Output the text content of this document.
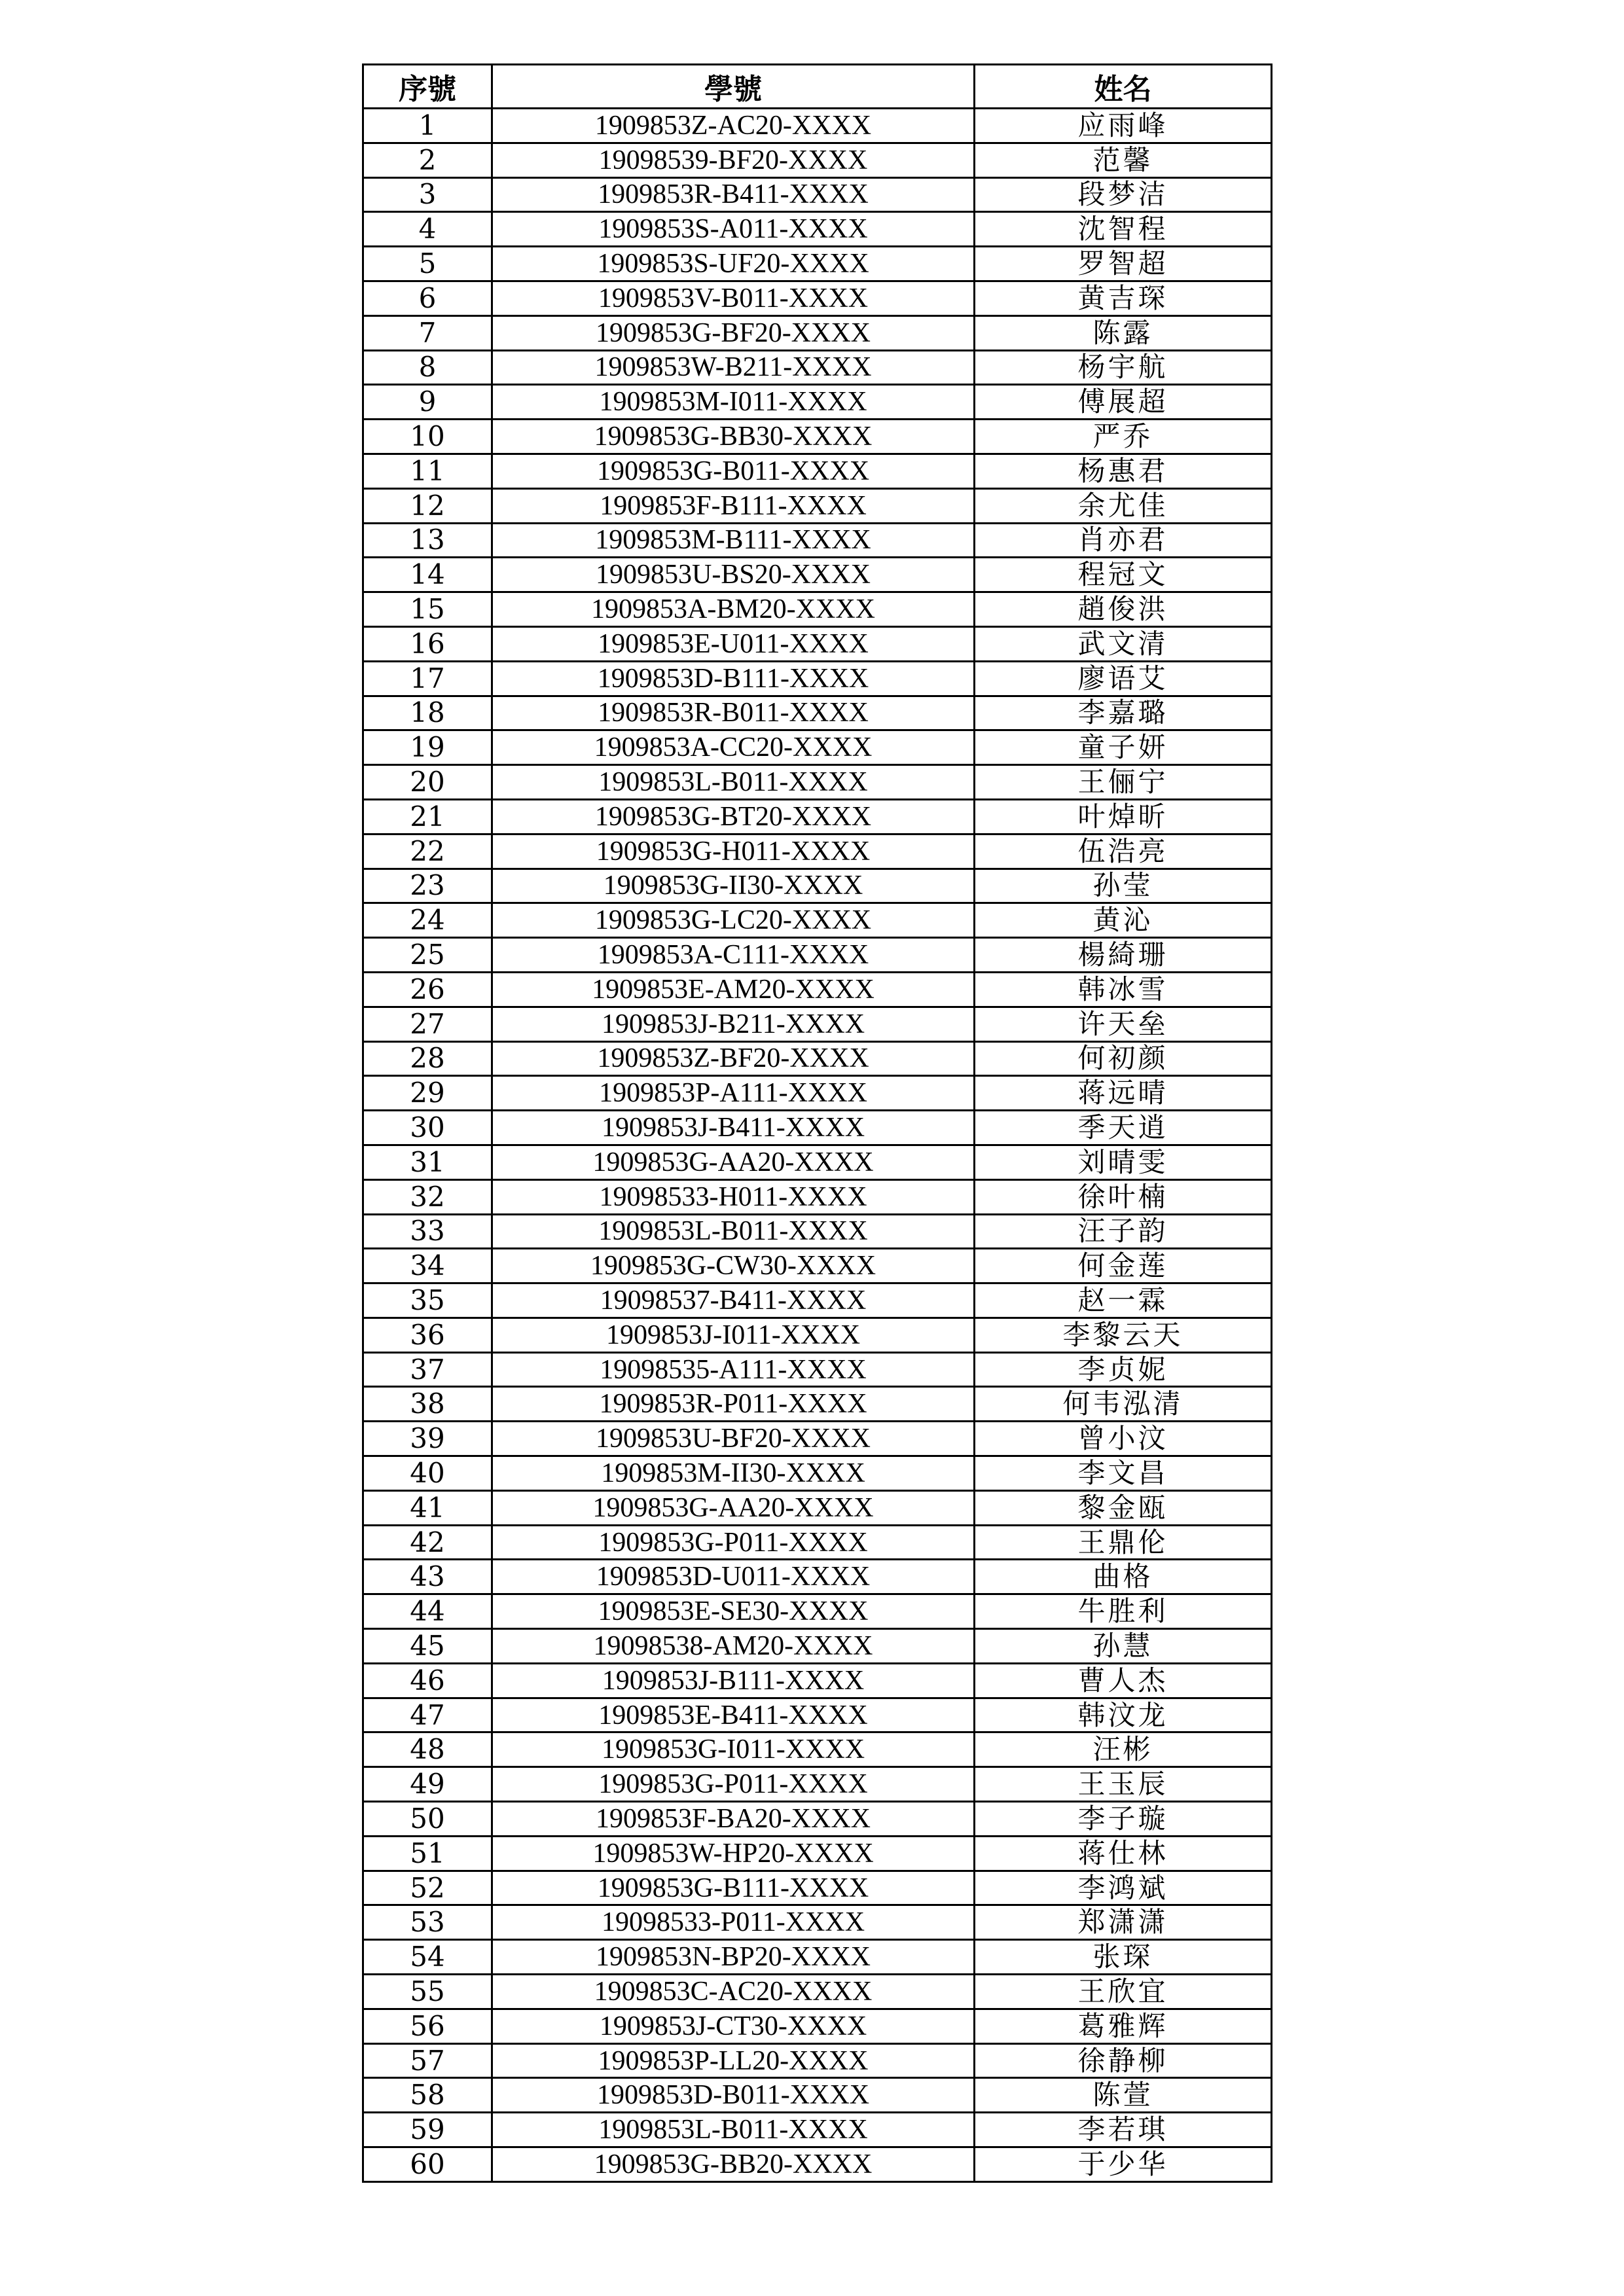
序號	學號	姓名
1	1909853Z-AC20-XXXX	应雨峰
2	19098539-BF20-XXXX	范馨
3	1909853R-B411-XXXX	段梦洁
4	1909853S-A011-XXXX	沈智程
5	1909853S-UF20-XXXX	罗智超
6	1909853V-B011-XXXX	黄吉琛
7	1909853G-BF20-XXXX	陈露
8	1909853W-B211-XXXX	杨宇航
9	1909853M-I011-XXXX	傅展超
10	1909853G-BB30-XXXX	严乔
11	1909853G-B011-XXXX	杨惠君
12	1909853F-B111-XXXX	余尤佳
13	1909853M-B111-XXXX	肖亦君
14	1909853U-BS20-XXXX	程冠文
15	1909853A-BM20-XXXX	趙俊洪
16	1909853E-U011-XXXX	武文清
17	1909853D-B111-XXXX	廖语艾
18	1909853R-B011-XXXX	李嘉璐
19	1909853A-CC20-XXXX	童子妍
20	1909853L-B011-XXXX	王俪宁
21	1909853G-BT20-XXXX	叶焯昕
22	1909853G-H011-XXXX	伍浩亮
23	1909853G-II30-XXXX	孙莹
24	1909853G-LC20-XXXX	黄沁
25	1909853A-C111-XXXX	楊綺珊
26	1909853E-AM20-XXXX	韩冰雪
27	1909853J-B211-XXXX	许天垒
28	1909853Z-BF20-XXXX	何初颜
29	1909853P-A111-XXXX	蒋远晴
30	1909853J-B411-XXXX	季天逍
31	1909853G-AA20-XXXX	刘晴雯
32	19098533-H011-XXXX	徐叶楠
33	1909853L-B011-XXXX	汪子韵
34	1909853G-CW30-XXXX	何金莲
35	19098537-B411-XXXX	赵一霖
36	1909853J-I011-XXXX	李黎云天
37	19098535-A111-XXXX	李贞妮
38	1909853R-P011-XXXX	何韦泓清
39	1909853U-BF20-XXXX	曾小汶
40	1909853M-II30-XXXX	李文昌
41	1909853G-AA20-XXXX	黎金瓯
42	1909853G-P011-XXXX	王鼎伦
43	1909853D-U011-XXXX	曲格
44	1909853E-SE30-XXXX	牛胜利
45	19098538-AM20-XXXX	孙慧
46	1909853J-B111-XXXX	曹人杰
47	1909853E-B411-XXXX	韩汶龙
48	1909853G-I011-XXXX	汪彬
49	1909853G-P011-XXXX	王玉辰
50	1909853F-BA20-XXXX	李子璇
51	1909853W-HP20-XXXX	蒋仕林
52	1909853G-B111-XXXX	李鸿斌
53	19098533-P011-XXXX	郑潇潇
54	1909853N-BP20-XXXX	张琛
55	1909853C-AC20-XXXX	王欣宜
56	1909853J-CT30-XXXX	葛雅辉
57	1909853P-LL20-XXXX	徐静柳
58	1909853D-B011-XXXX	陈萱
59	1909853L-B011-XXXX	李若琪
60	1909853G-BB20-XXXX	于少华
